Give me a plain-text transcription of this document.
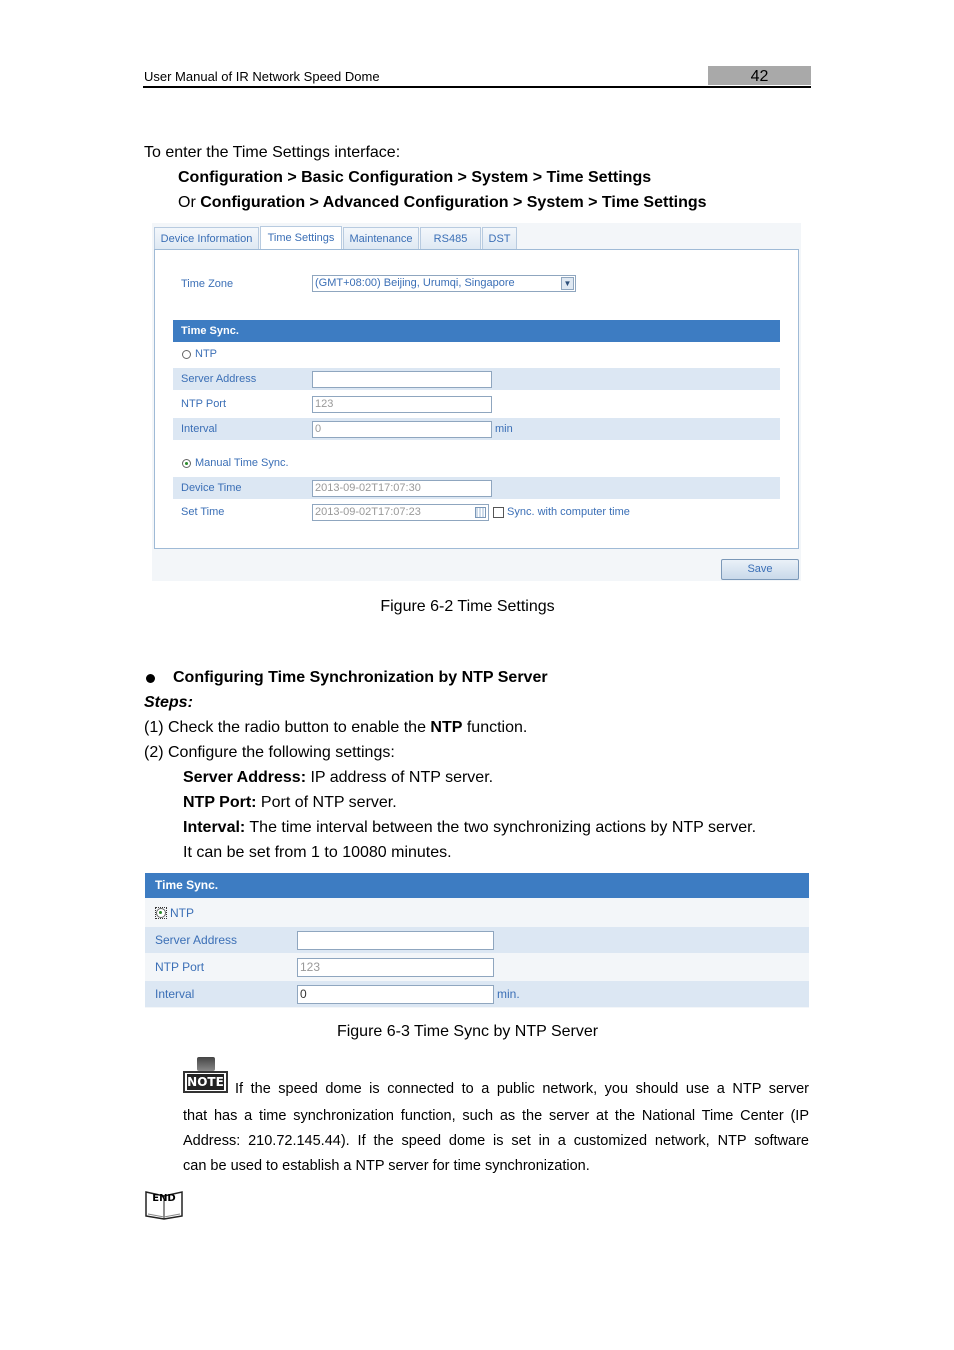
User Manual of IR Network Speed Dome	42
To enter the Time Settings interface:
Configuration > Basic Configuration > System > Time Settings
Or Configuration > Advanced Configuration > System > Time Settings
Device Information	Time Settings	Maintenance	RS485	DST
Time Zone	(GMT+08:00) Beijing, Urumqi, Singapore	▼
Time Sync.
NTP
Server Address
NTP Port	123
Interval	0	min
Manual Time Sync.
Device Time	2013-09-02T17:07:30
Set Time	2013-09-02T17:07:23	Sync. with computer time
Save
Figure 6-2 Time Settings
Configuring Time Synchronization by NTP Server
Steps:
(1) Check the radio button to enable the NTP function.
(2) Configure the following settings:
Server Address: IP address of NTP server.
NTP Port: Port of NTP server.
Interval: The time interval between the two synchronizing actions by NTP server.
It can be set from 1 to 10080 minutes.
Time Sync.
NTP
Server Address
NTP Port	123
Interval	0	min.
Figure 6-3 Time Sync by NTP Server
NOTE If the speed dome is connected to a public network, you should use a NTP server
that has a time synchronization function, such as the server at the National Time Center (IP
Address: 210.72.145.44). If the speed dome is set in a customized network, NTP software
can be used to establish a NTP server for time synchronization.
END
